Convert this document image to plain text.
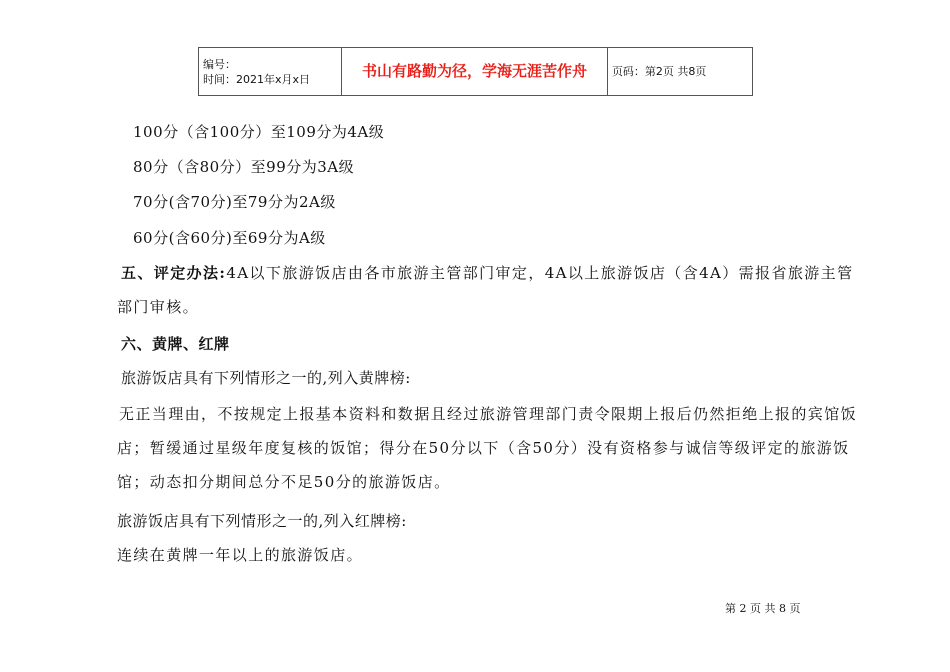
编号：
时间：2021年x月x日	书山有路勤为径，学海无涯苦作舟	页码：第2页 共8页
100分（含100分）至109分为4A级
80分（含80分）至99分为3A级
70分(含70分)至79分为2A级
60分(含60分)至69分为A级
五、评定办法:4A以下旅游饭店由各市旅游主管部门审定，4A以上旅游饭店（含4A）需报省旅游主管部门审核。
六、黄牌、红牌
旅游饭店具有下列情形之一的,列入黄牌榜:
无正当理由，不按规定上报基本资料和数据且经过旅游管理部门责令限期上报后仍然拒绝上报的宾馆饭店；暂缓通过星级年度复核的饭馆；得分在50分以下（含50分）没有资格参与诚信等级评定的旅游饭馆；动态扣分期间总分不足50分的旅游饭店。
旅游饭店具有下列情形之一的,列入红牌榜:
连续在黄牌一年以上的旅游饭店。
第 2 页 共 8 页
